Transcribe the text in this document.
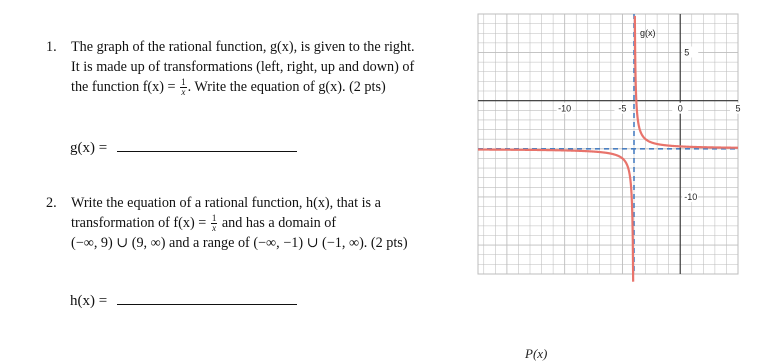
1. The graph of the rational function, g(x), is given to the right.
It is made up of transformations (left, right, up and down) of
the function $f(x) = \frac{1}{x}$ . Write the equation of g(x). (2 pts)
g(x) =
2. Write the equation of a rational function, h(x), that is a
transformation of $f(x) = \frac{1}{x}$ and has a domain of
(−∞, 9) ∪ (9, ∞) and a range of (−∞, −1) ∪ (−1, ∞). (2 pts)
h(x) =
P(x)
-10	-5	0	5
5
-10
g(x)
